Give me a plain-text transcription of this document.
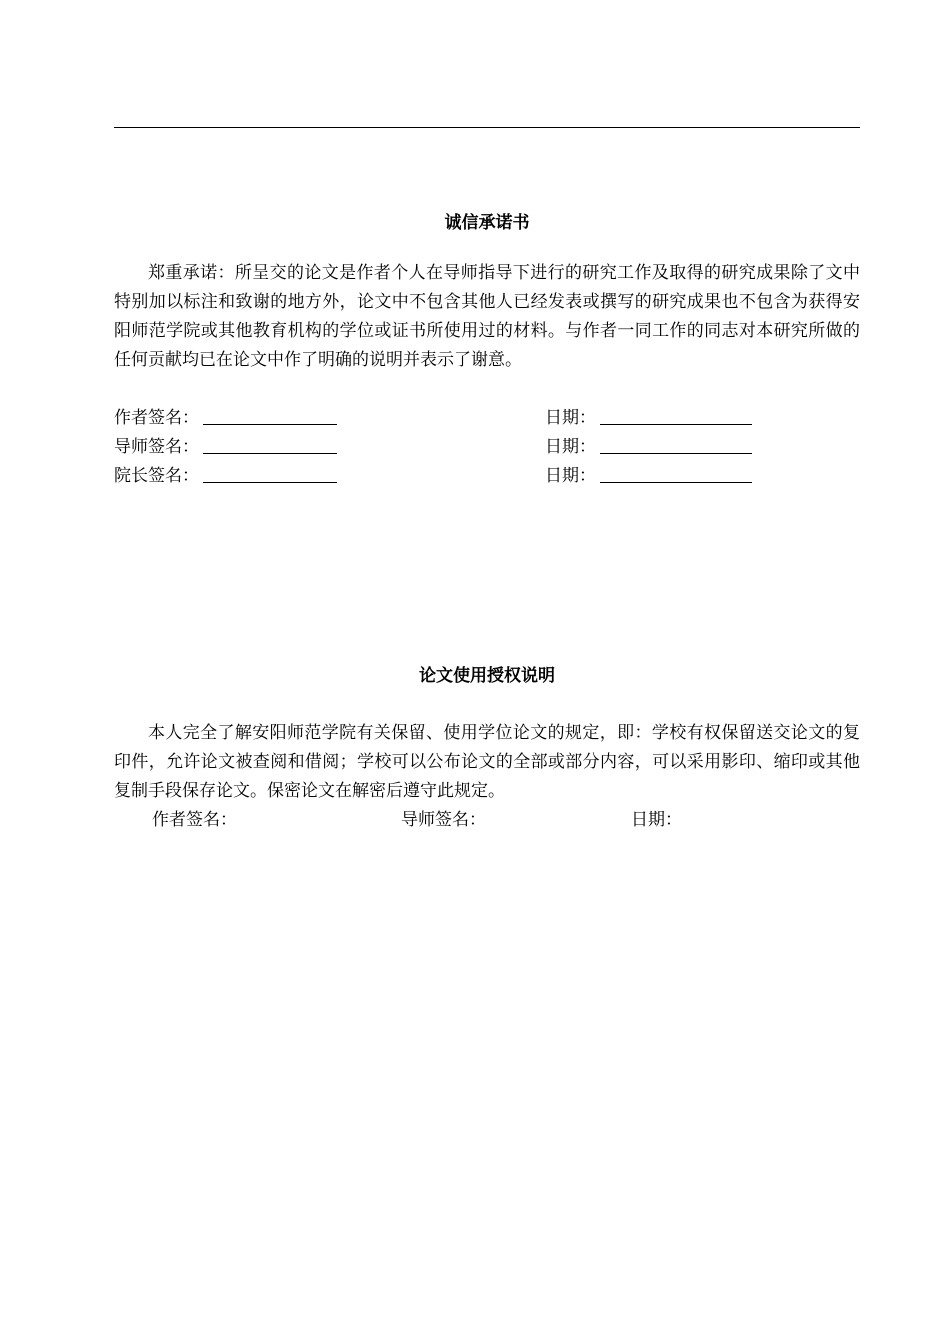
诚信承诺书

郑重承诺：所呈交的论文是作者个人在导师指导下进行的研究工作及取得的研究成果除了文中特别加以标注和致谢的地方外，论文中不包含其他人已经发表或撰写的研究成果也不包含为获得安阳师范学院或其他教育机构的学位或证书所使用过的材料。与作者一同工作的同志对本研究所做的任何贡献均已在论文中作了明确的说明并表示了谢意。

作者签名：	日期：
导师签名：	日期：
院长签名：	日期：
论文使用授权说明

本人完全了解安阳师范学院有关保留、使用学位论文的规定，即：学校有权保留送交论文的复印件，允许论文被查阅和借阅；学校可以公布论文的全部或部分内容，可以采用影印、缩印或其他复制手段保存论文。保密论文在解密后遵守此规定。

作者签名：	导师签名：	日期：
